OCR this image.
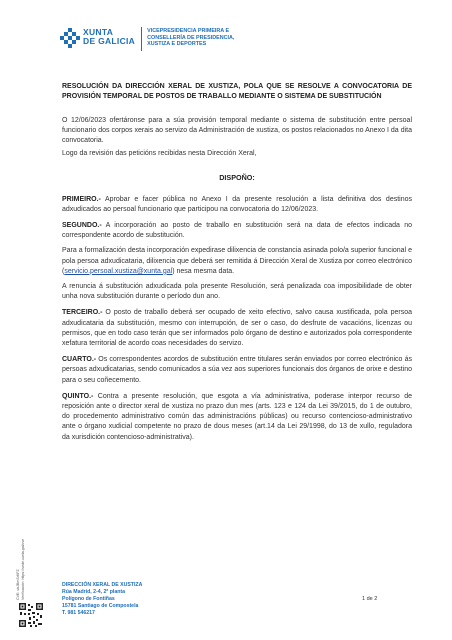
XUNTA
DE GALICIA
VICEPRESIDENCIA PRIMEIRA E
CONSELLERÍA DE PRESIDENCIA,
XUSTIZA E DEPORTES

RESOLUCIÓN DA DIRECCIÓN XERAL DE XUSTIZA, POLA QUE SE RESOLVE A CONVOCATORIA DE PROVISIÓN TEMPORAL DE POSTOS DE TRABALLO MEDIANTE O SISTEMA DE SUBSTITUCIÓN

O 12/06/2023 ofertáronse para a súa provisión temporal mediante o sistema de substitución entre persoal funcionario dos corpos xerais ao servizo da Administración de xustiza, os postos relacionados no Anexo I da dita convocatoria.

Logo da revisión das peticións recibidas nesta Dirección Xeral,

DISPOÑO:

PRIMEIRO.- Aprobar e facer pública no Anexo I da presente resolución a lista definitiva dos destinos adxudicados ao persoal funcionario que participou na convocatoria do 12/06/2023.

SEGUNDO.- A incorporación ao posto de traballo en substitución será na data de efectos indicada no correspondente acordo de substitución.

Para a formalización desta incorporación expedirase dilixencia de constancia asinada polo/a superior funcional e pola persoa adxudicataria, dilixencia que deberá ser remitida á Dirección Xeral de Xustiza por correo electrónico (servicio.persoal.xustiza@xunta.gal) nesa mesma data.

A renuncia á substitución adxudicada pola presente Resolución, será penalizada coa imposibilidade de obter unha nova substitución durante o período dun ano.

TERCEIRO.- O posto de traballo deberá ser ocupado de xeito efectivo, salvo causa xustificada, pola persoa adxudicataria da substitución, mesmo con interrupción, de ser o caso, do desfrute de vacacións, licenzas ou permisos, que en todo caso terán que ser informados polo órgano de destino e autorizados pola correspondente xefatura territorial de acordo coas necesidades do servizo.

CUARTO.- Os correspondentes acordos de substitución entre titulares serán enviados por correo electrónico ás persoas adxudicatarias, sendo comunicados a súa vez aos superiores funcionais dos órganos de orixe e destino para o seu coñecemento.

QUINTO.- Contra a presente resolución, que esgota a vía administrativa, poderase interpor recurso de reposición ante o director xeral de xustiza no prazo dun mes (arts. 123 e 124 da Lei 39/2015, do 1 de outubro, do procedemento administrativo común das administracións públicas) ou recurso contencioso-administrativo ante o órgano xudicial competente no prazo de dous meses (art.14 da Lei 29/1998, do 13 de xullo, reguladora da xurisdición contencioso-administrativa).

CVE: ukJBmSrKFZ Verificación: https://sede.xunta.gal/cve	DIRECCIÓN XERAL DE XUSTIZA
Rúa Madrid, 2-4, 2ª planta
Polígono de Fontiñas
15781 Santiago de Compostela
T. 981 546217
1 de 2
